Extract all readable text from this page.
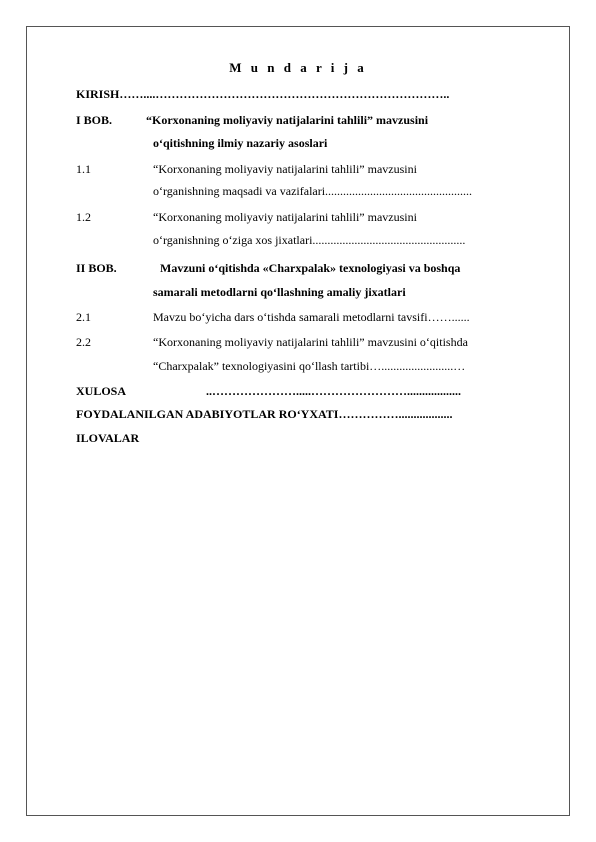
M u n d a r i j a
KIRISH……....………………………………………………………………..
I BOB.	“Korxonaning moliyaviy natijalarini tahlili” mavzusini
o‘qitishning ilmiy nazariy asoslari
1.1	“Korxonaning moliyaviy natijalarini tahlili” mavzusini
o‘rganishning maqsadi va vazifalari.................................................
1.2	“Korxonaning moliyaviy natijalarini tahlili” mavzusini
o‘rganishning o‘ziga xos jixatlari...................................................
II BOB.	Mavzuni o‘qitishda «Charxpalak» texnologiyasi va boshqa
samarali metodlarni qo‘llashning amaliy jixatlari
2.1	Mavzu bo‘yicha dars o‘tishda samarali metodlarni tavsifi……......
2.2	“Korxonaning moliyaviy natijalarini tahlili” mavzusini o‘qitishda
“Charxpalak” texnologiyasini qo‘llash tartibi…........................…
XULOSA	..………………….....……………………..................
FOYDALANILGAN ADABIYOTLAR RO‘YXATI……………..................
ILOVALAR
